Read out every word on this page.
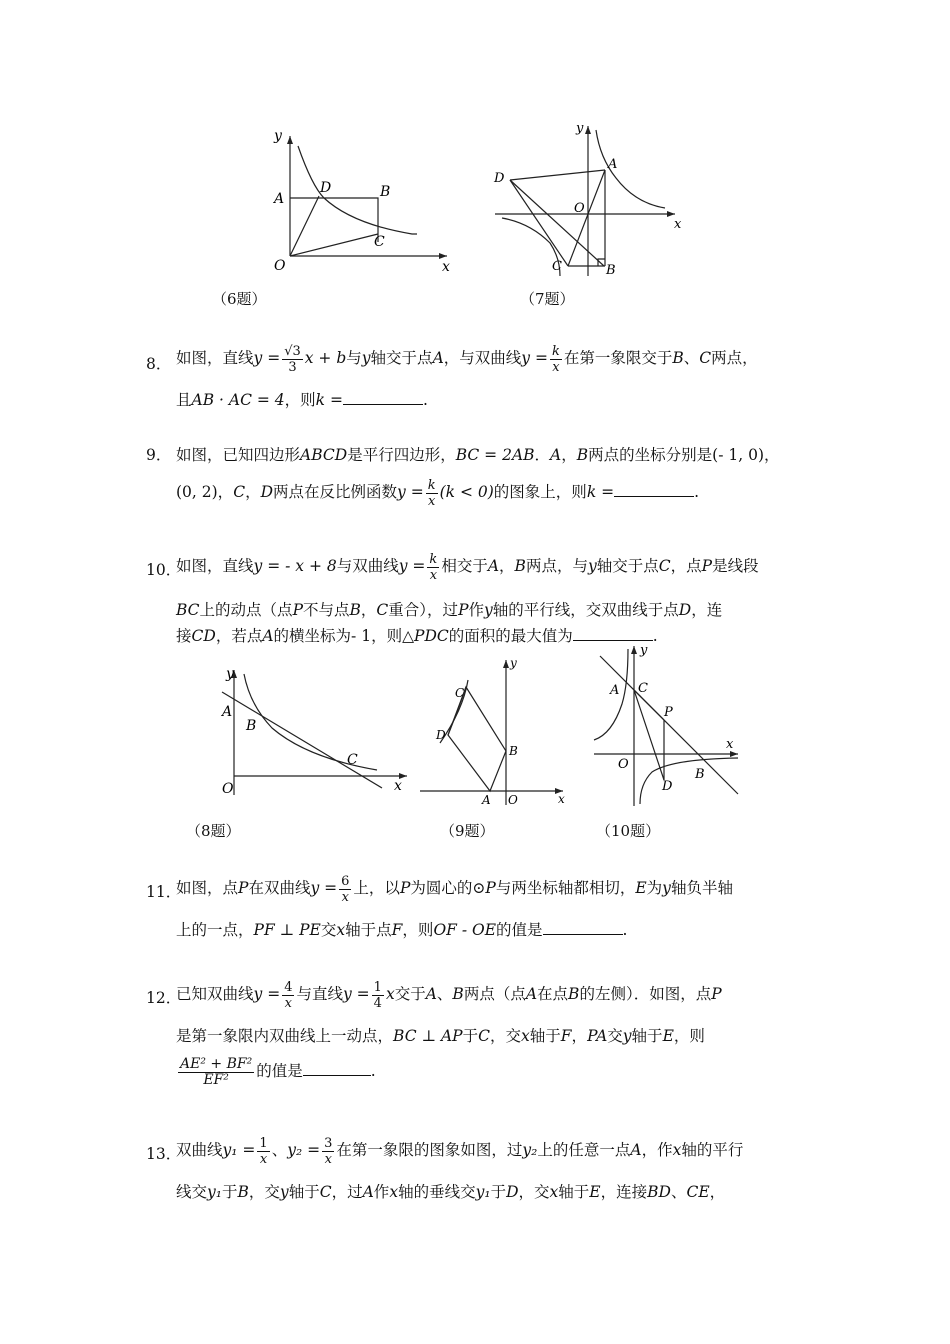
y
x
A
D	B
C
O
（6题）
y
x
A
D
O
C	B
（7题）
8． 如图，直线$y = \frac{√3}{3}$ x + b与y轴交于点A，与双曲线$y = \frac{k}{x}$ 在第一象限交于B、C两点，
且AB · AC = 4，则k =	.
9． 如图，已知四边形ABCD是平行四边形，BC = 2AB．A，B两点的坐标分别是(- 1, 0)，
(0, 2)，C，D两点在反比例函数$y = \frac{k}{x} (k < 0)$的图象上，则k =	.
10．
如图，直线y = - x + 8与双曲线$y = \frac{k}{x}$ 相交于A，B两点，与y轴交于点C，点P是线段
BC上的动点（点P不与点B，C重合），过P作y轴的平行线，交双曲线于点D，连
接CD，若点A的横坐标为- 1，则△PDC的面积的最大值为	.
y
x
A
B
C
O
（8题）
y
x
C
D
B
A O
（9题）
y
x
A C
P
O
D
B
（10题）
11．
如图，点P在双曲线$y = \frac{6}{x}$ 上，以P为圆心的⊙P与两坐标轴都相切，E为y轴负半轴
上的一点，PF ⊥ PE交x轴于点F，则OF - OE的值是	.
12．
已知双曲线$y = \frac{4}{x}$ 与直线$y = \frac{1}{4}$ x交于A、B两点（点A在点B的左侧）．如图，点P
是第一象限内双曲线上一动点，BC ⊥ AP于C，交x轴于F，PA交y轴于E，则
$\frac{\text{AE² + BF²}}{\text{EF²}}$ 的值是	.
13．
双曲线$y_1 = \frac{1}{x}$ 、$y_2 = \frac{3}{x}$ 在第一象限的图象如图，过y₂上的任意一点A，作x轴的平行
线交y₁于B，交y轴于C，过A作x轴的垂线交y₁于D，交x轴于E，连接BD、CE，
